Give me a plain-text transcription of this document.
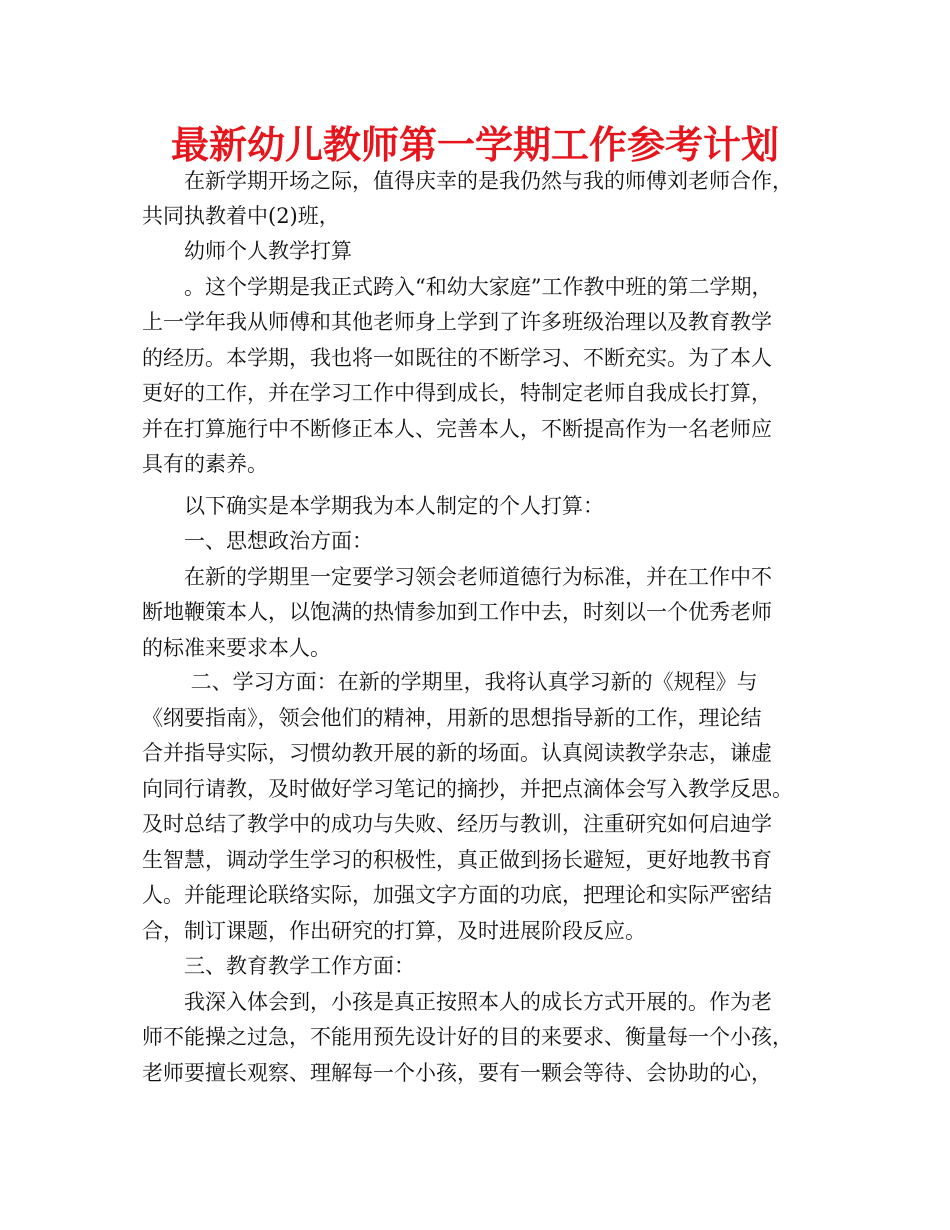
最新幼儿教师第一学期工作参考计划
　　在新学期开场之际，值得庆幸的是我仍然与我的师傅刘老师合作，
共同执教着中(2)班，
　　幼师个人教学打算
　　。这个学期是我正式跨入“和幼大家庭”工作教中班的第二学期，
上一学年我从师傅和其他老师身上学到了许多班级治理以及教育教学
的经历。本学期，我也将一如既往的不断学习、不断充实。为了本人
更好的工作，并在学习工作中得到成长，特制定老师自我成长打算，
并在打算施行中不断修正本人、完善本人，不断提高作为一名老师应
具有的素养。
　　以下确实是本学期我为本人制定的个人打算：
　　一、思想政治方面：
　　在新的学期里一定要学习领会老师道德行为标准，并在工作中不
断地鞭策本人，以饱满的热情参加到工作中去，时刻以一个优秀老师
的标准来要求本人。
　　 二、学习方面：在新的学期里，我将认真学习新的《规程》与
《纲要指南》，领会他们的精神，用新的思想指导新的工作，理论结
合并指导实际，习惯幼教开展的新的场面。认真阅读教学杂志，谦虚
向同行请教，及时做好学习笔记的摘抄，并把点滴体会写入教学反思。
及时总结了教学中的成功与失败、经历与教训，注重研究如何启迪学
生智慧，调动学生学习的积极性，真正做到扬长避短，更好地教书育
人。并能理论联络实际，加强文字方面的功底，把理论和实际严密结
合，制订课题，作出研究的打算，及时进展阶段反应。
　　三、教育教学工作方面：
　　我深入体会到，小孩是真正按照本人的成长方式开展的。作为老
师不能操之过急，不能用预先设计好的目的来要求、衡量每一个小孩，
老师要擅长观察、理解每一个小孩，要有一颗会等待、会协助的心，
